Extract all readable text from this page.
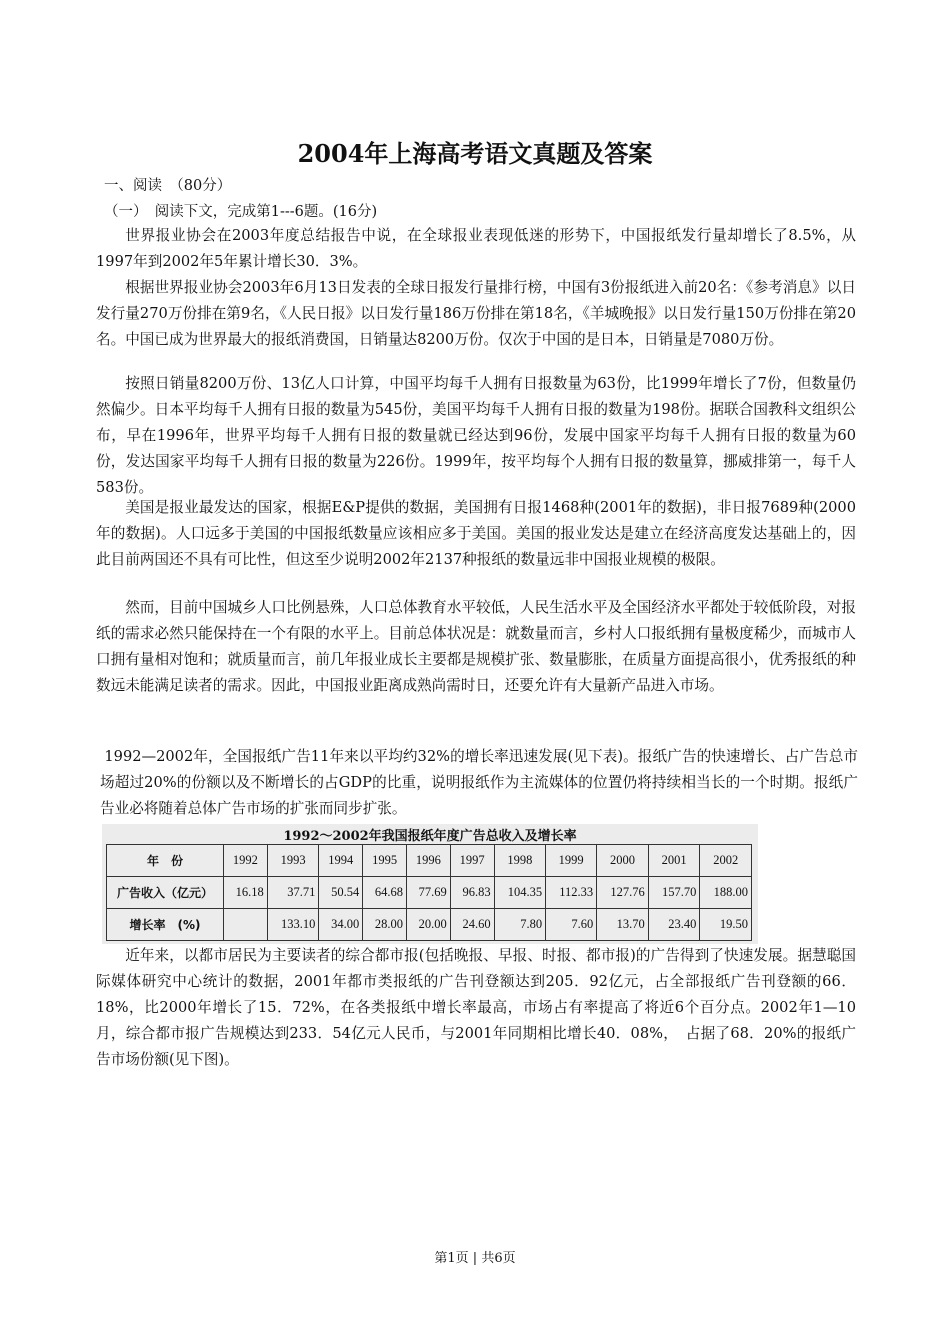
2004年上海高考语文真题及答案
一、阅读　（80分）
（一）　阅读下文，完成第1---6题。(16分)

世界报业协会在2003年度总结报告中说，在全球报业表现低迷的形势下，中国报纸发行量却增长了8.5%，从1997年到2002年5年累计增长30．3%。

根据世界报业协会2003年6月13日发表的全球日报发行量排行榜，中国有3份报纸进入前20名：《参考消息》以日发行量270万份排在第9名，《人民日报》以日发行量186万份排在第18名，《羊城晚报》以日发行量150万份排在第20名。中国已成为世界最大的报纸消费国，日销量达8200万份。仅次于中国的是日本，日销量是7080万份。

按照日销量8200万份、13亿人口计算，中国平均每千人拥有日报数量为63份，比1999年增长了7份，但数量仍然偏少。日本平均每千人拥有日报的数量为545份，美国平均每千人拥有日报的数量为198份。据联合国教科文组织公布，早在1996年，世界平均每千人拥有日报的数量就已经达到96份，发展中国家平均每千人拥有日报的数量为60份，发达国家平均每千人拥有日报的数量为226份。1999年，按平均每个人拥有日报的数量算，挪威排第一，每千人583份。

美国是报业最发达的国家，根据E&P提供的数据，美国拥有日报1468种(2001年的数据)，非日报7689种(2000年的数据)。人口远多于美国的中国报纸数量应该相应多于美国。美国的报业发达是建立在经济高度发达基础上的，因此目前两国还不具有可比性，但这至少说明2002年2137种报纸的数量远非中国报业规模的极限。

然而，目前中国城乡人口比例悬殊，人口总体教育水平较低，人民生活水平及全国经济水平都处于较低阶段，对报纸的需求必然只能保持在一个有限的水平上。目前总体状况是：就数量而言，乡村人口报纸拥有量极度稀少，而城市人口拥有量相对饱和；就质量而言，前几年报业成长主要都是规模扩张、数量膨胀，在质量方面提高很小，优秀报纸的种数远未能满足读者的需求。因此，中国报业距离成熟尚需时日，还要允许有大量新产品进入市场。

1992—2002年，全国报纸广告11年来以平均约32%的增长率迅速发展(见下表)。报纸广告的快速增长、占广告总市场超过20%的份额以及不断增长的占GDP的比重，说明报纸作为主流媒体的位置仍将持续相当长的一个时期。报纸广告业必将随着总体广告市场的扩张而同步扩张。

1992～2002年我国报纸年度广告总收入及增长率
年　份	1992	1993	1994	1995	1996	1997	1998	1999	2000	2001	2002
广告收入（亿元）	16.18	37.71	50.54	64.68	77.69	96.83	104.35	112.33	127.76	157.70	188.00
增长率　(%)		133.10	34.00	28.00	20.00	24.60	7.80	7.60	13.70	23.40	19.50

近年来，以都市居民为主要读者的综合都市报(包括晚报、早报、时报、都市报)的广告得到了快速发展。据慧聪国际媒体研究中心统计的数据，2001年都市类报纸的广告刊登额达到205．92亿元，占全部报纸广告刊登额的66．18%，比2000年增长了15．72%，在各类报纸中增长率最高，市场占有率提高了将近6个百分点。2002年1—10月，综合都市报广告规模达到233．54亿元人民币，与2001年同期相比增长40．08%，　占据了68．20%的报纸广告市场份额(见下图)。

第1页 | 共6页
